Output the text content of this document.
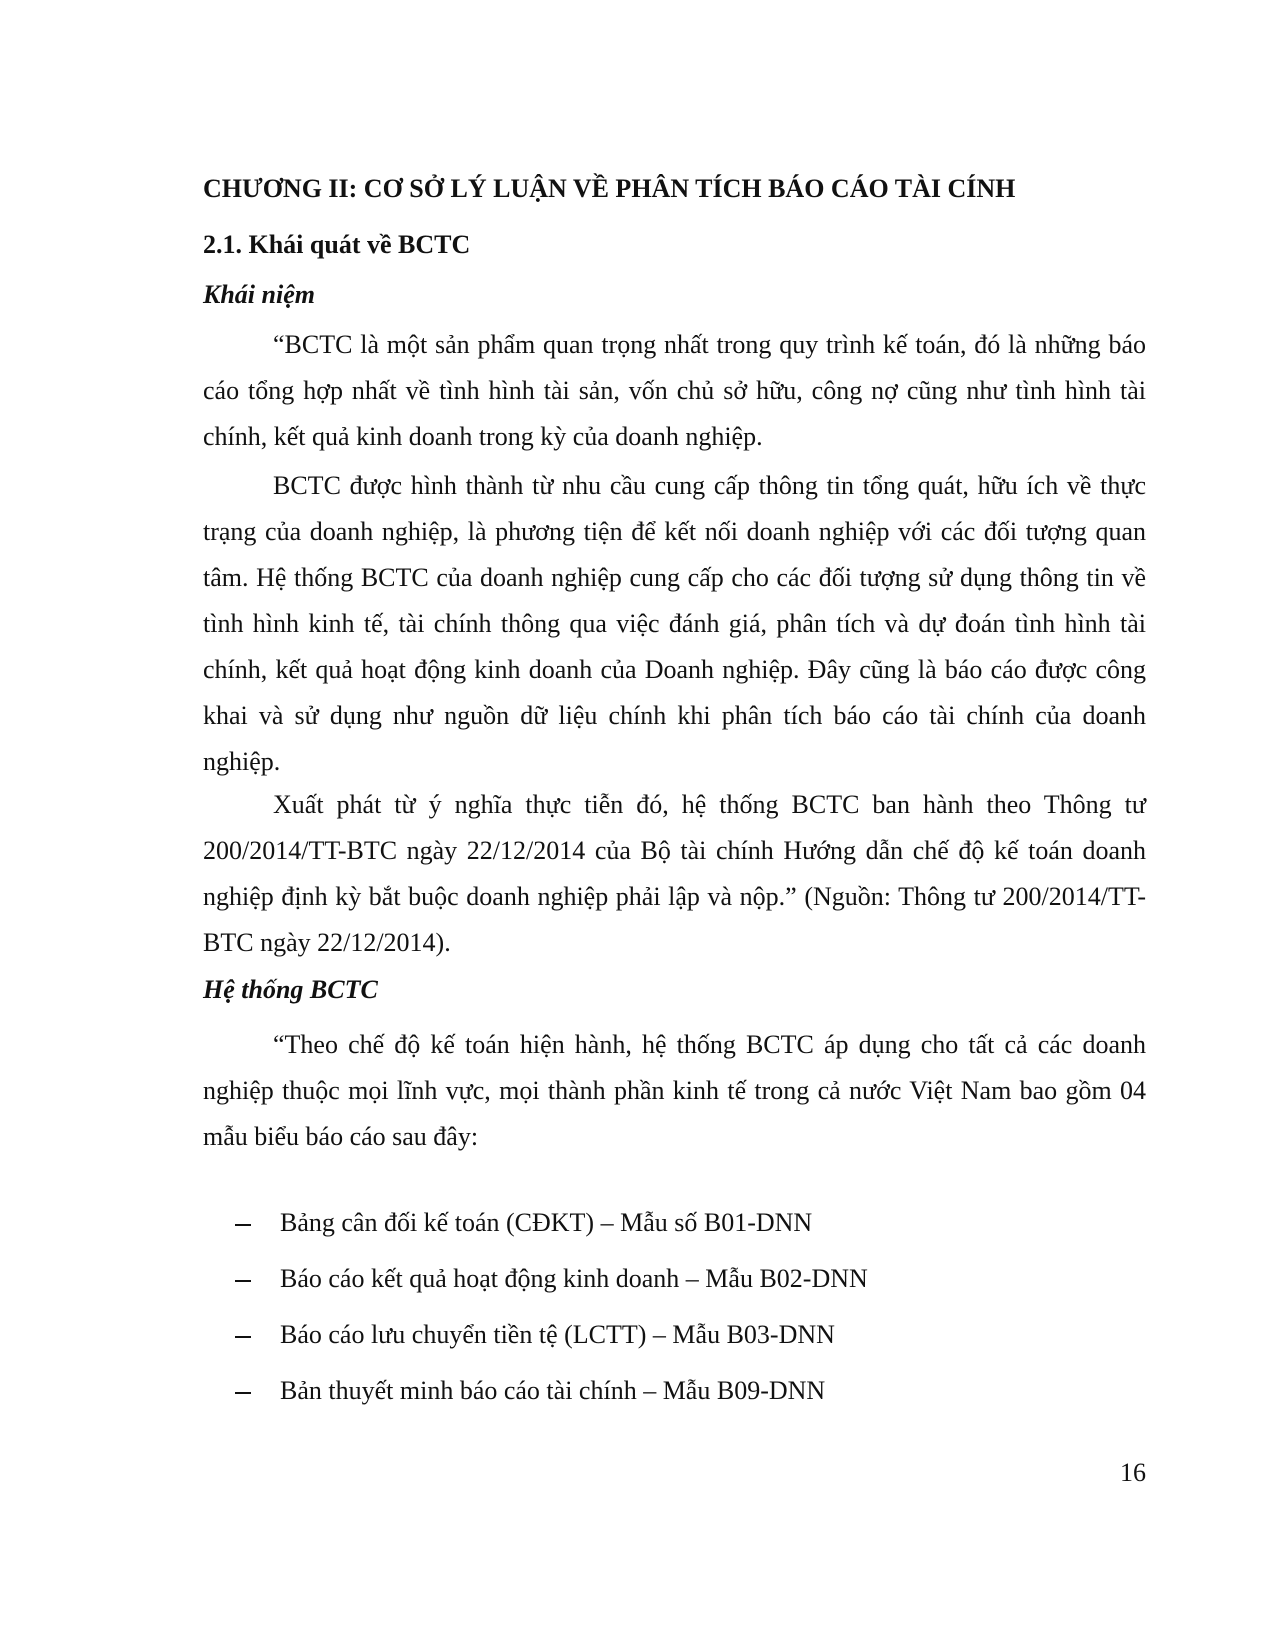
CHƯƠNG II: CƠ SỞ LÝ LUẬN VỀ PHÂN TÍCH BÁO CÁO TÀI CÍNH
2.1. Khái quát về BCTC
Khái niệm

“BCTC là một sản phẩm quan trọng nhất trong quy trình kế toán, đó là những báo cáo tổng hợp nhất về tình hình tài sản, vốn chủ sở hữu, công nợ cũng như tình hình tài chính, kết quả kinh doanh trong kỳ của doanh nghiệp.

BCTC được hình thành từ nhu cầu cung cấp thông tin tổng quát, hữu ích về thực trạng của doanh nghiệp, là phương tiện để kết nối doanh nghiệp với các đối tượng quan tâm. Hệ thống BCTC của doanh nghiệp cung cấp cho các đối tượng sử dụng thông tin về tình hình kinh tế, tài chính thông qua việc đánh giá, phân tích và dự đoán tình hình tài chính, kết quả hoạt động kinh doanh của Doanh nghiệp. Đây cũng là báo cáo được công khai và sử dụng như nguồn dữ liệu chính khi phân tích báo cáo tài chính của doanh nghiệp.

Xuất phát từ ý nghĩa thực tiễn đó, hệ thống BCTC ban hành theo Thông tư 200/2014/TT-BTC ngày 22/12/2014 của Bộ tài chính Hướng dẫn chế độ kế toán doanh nghiệp định kỳ bắt buộc doanh nghiệp phải lập và nộp.” (Nguồn: Thông tư 200/2014/TT-BTC ngày 22/12/2014).

Hệ thống BCTC

“Theo chế độ kế toán hiện hành, hệ thống BCTC áp dụng cho tất cả các doanh nghiệp thuộc mọi lĩnh vực, mọi thành phần kinh tế trong cả nước Việt Nam bao gồm 04 mẫu biểu báo cáo sau đây:

Bảng cân đối kế toán (CĐKT) – Mẫu số B01-DNN
Báo cáo kết quả hoạt động kinh doanh – Mẫu B02-DNN
Báo cáo lưu chuyển tiền tệ (LCTT) – Mẫu B03-DNN
Bản thuyết minh báo cáo tài chính – Mẫu B09-DNN
16
